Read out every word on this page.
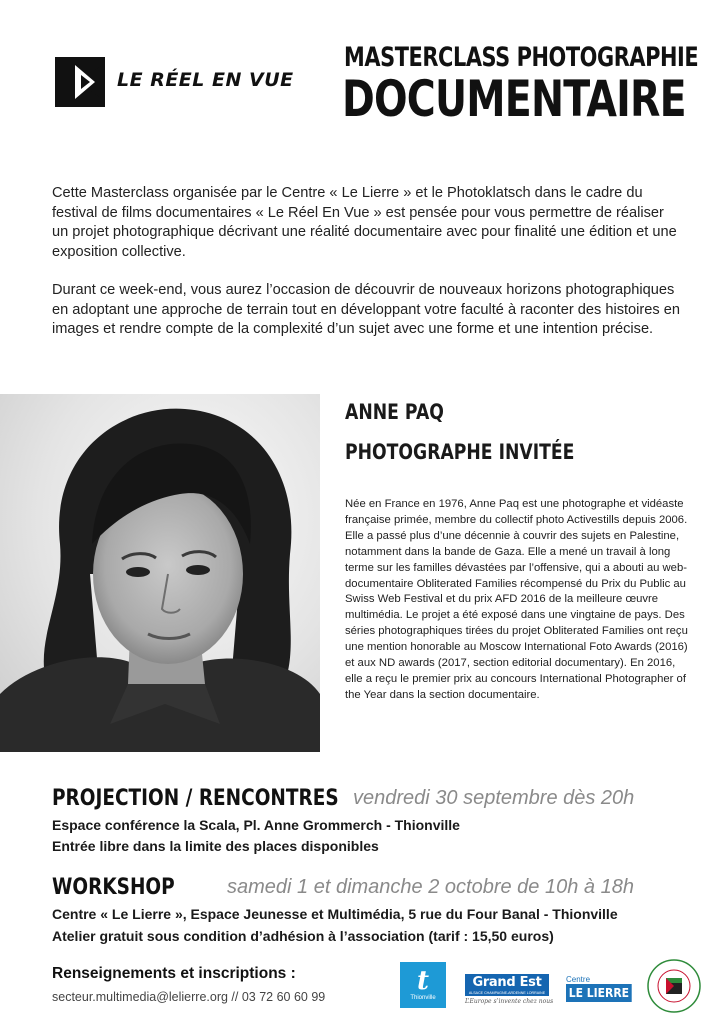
LE RÉEL EN VUE
MASTERCLASS PHOTOGRAPHIE
DOCUMENTAIRE

Cette Masterclass organisée par le Centre « Le Lierre » et le Photoklatsch dans le cadre du festival de films documentaires « Le Réel En Vue » est pensée pour vous permettre de réaliser un projet photographique décrivant une réalité documentaire avec pour finalité une édition et une exposition collective.

Durant ce week-end, vous aurez l’occasion de découvrir de nouveaux horizons photographiques en adoptant une approche de terrain tout en développant votre faculté à raconter des histoires en images et rendre compte de la complexité d’un sujet avec une forme et une intention précise.

ANNE PAQ
PHOTOGRAPHE INVITÉE
Née en France en 1976, Anne Paq est une photographe et vidéaste française primée, membre du collectif photo Activestills depuis 2006. Elle a passé plus d’une décennie à couvrir des sujets en Palestine, notamment dans la bande de Gaza. Elle a mené un travail à long terme sur les familles dévastées par l’offensive, qui a abouti au web-documentaire Obliterated Families récompensé du Prix du Public au Swiss Web Festival et du prix AFD 2016 de la meilleure œuvre multimédia. Le projet a été exposé dans une vingtaine de pays. Des séries photographiques tirées du projet Obliterated Families ont reçu une mention honorable au Moscow International Foto Awards (2016) et aux ND awards (2017, section editorial documentary). En 2016, elle a reçu le premier prix au concours International Photographer of the Year dans la section documentaire.
PROJECTION / RENCONTRES vendredi 30 septembre dès 20h
Espace conférence la Scala, Pl. Anne Grommerch - Thionville
Entrée libre dans la limite des places disponibles
WORKSHOP	samedi 1 et dimanche 2 octobre de 10h à 18h
Centre « Le Lierre », Espace Jeunesse et Multimédia, 5 rue du Four Banal - Thionville
Atelier gratuit sous condition d’adhésion à l’association (tarif : 15,50 euros)
Renseignements et inscriptions :
secteur.multimedia@lelierre.org // 03 72 60 60 99
t
Thionville
Grand Est
ALSACE CHAMPAGNE-ARDENNE LORRAINE
L’Europe s’invente chez nous
Centre
LE LIERRE
